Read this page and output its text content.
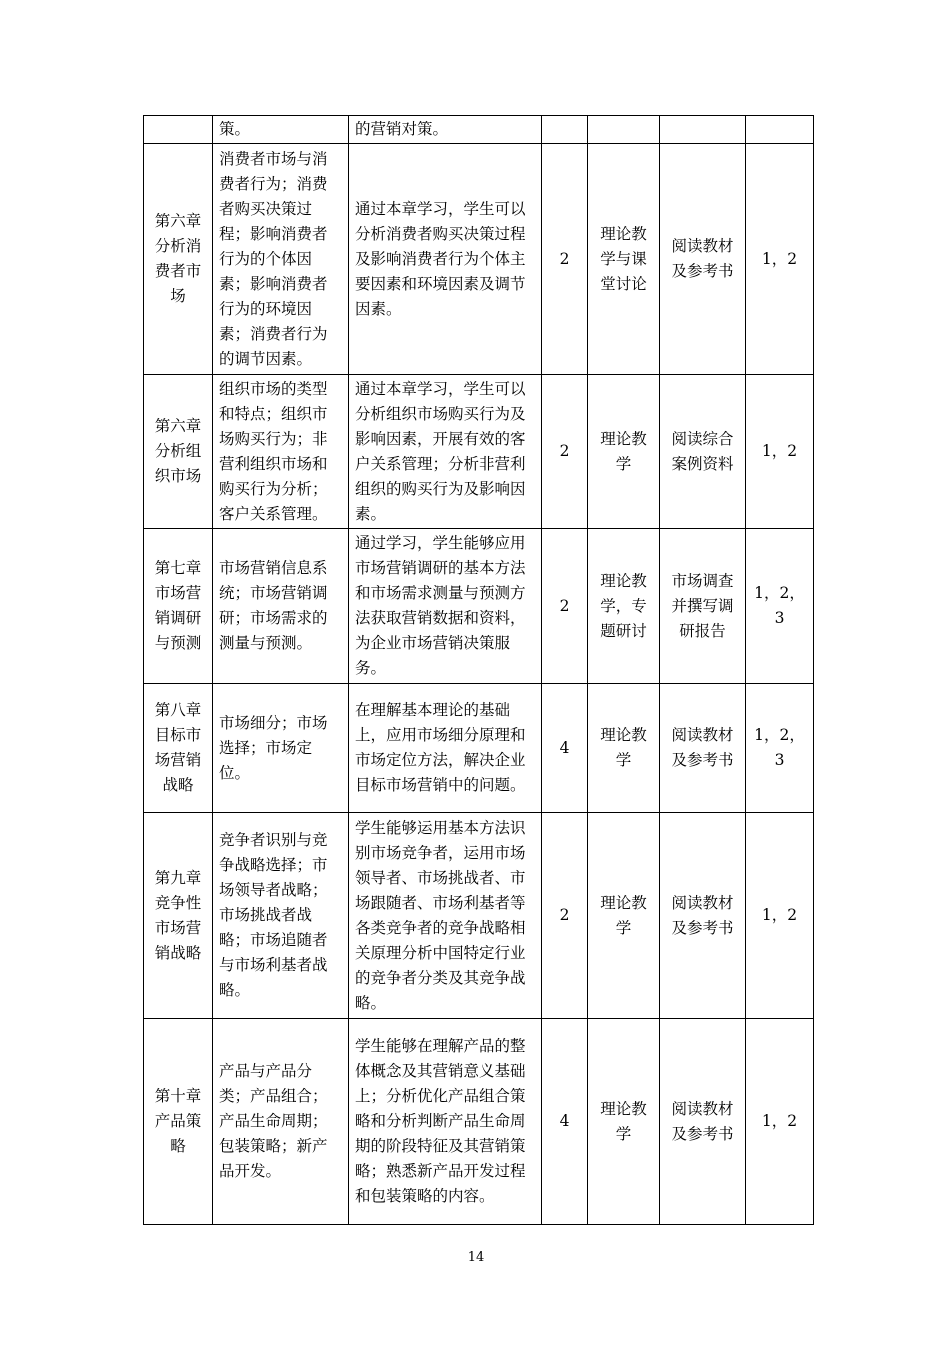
	策。	的营销对策。				
第六章分析消费者市场	消费者市场与消费者行为；消费者购买决策过程；影响消费者行为的个体因素；影响消费者行为的环境因素；消费者行为的调节因素。	通过本章学习，学生可以分析消费者购买决策过程及影响消费者行为个体主要因素和环境因素及调节因素。	2	理论教学与课堂讨论	阅读教材及参考书	1，2
第六章分析组织市场	组织市场的类型和特点；组织市场购买行为；非营利组织市场和购买行为分析；客户关系管理。	通过本章学习，学生可以分析组织市场购买行为及影响因素，开展有效的客户关系管理；分析非营利组织的购买行为及影响因素。	2	理论教学	阅读综合案例资料	1，2
第七章市场营销调研与预测	市场营销信息系统；市场营销调研；市场需求的测量与预测。	通过学习，学生能够应用市场营销调研的基本方法和市场需求测量与预测方法获取营销数据和资料，为企业市场营销决策服务。	2	理论教学，专题研讨	市场调查并撰写调研报告	1，2，3
第八章目标市场营销战略	市场细分；市场选择；市场定位。	在理解基本理论的基础上，应用市场细分原理和市场定位方法，解决企业目标市场营销中的问题。	4	理论教学	阅读教材及参考书	1，2，3
第九章竞争性市场营销战略	竞争者识别与竞争战略选择；市场领导者战略；市场挑战者战略；市场追随者与市场利基者战略。	学生能够运用基本方法识别市场竞争者，运用市场领导者、市场挑战者、市场跟随者、市场利基者等各类竞争者的竞争战略相关原理分析中国特定行业的竞争者分类及其竞争战略。	2	理论教学	阅读教材及参考书	1，2
第十章产品策略	产品与产品分类；产品组合；产品生命周期；包装策略；新产品开发。	学生能够在理解产品的整体概念及其营销意义基础上；分析优化产品组合策略和分析判断产品生命周期的阶段特征及其营销策略；熟悉新产品开发过程和包装策略的内容。	4	理论教学	阅读教材及参考书	1，2
14
